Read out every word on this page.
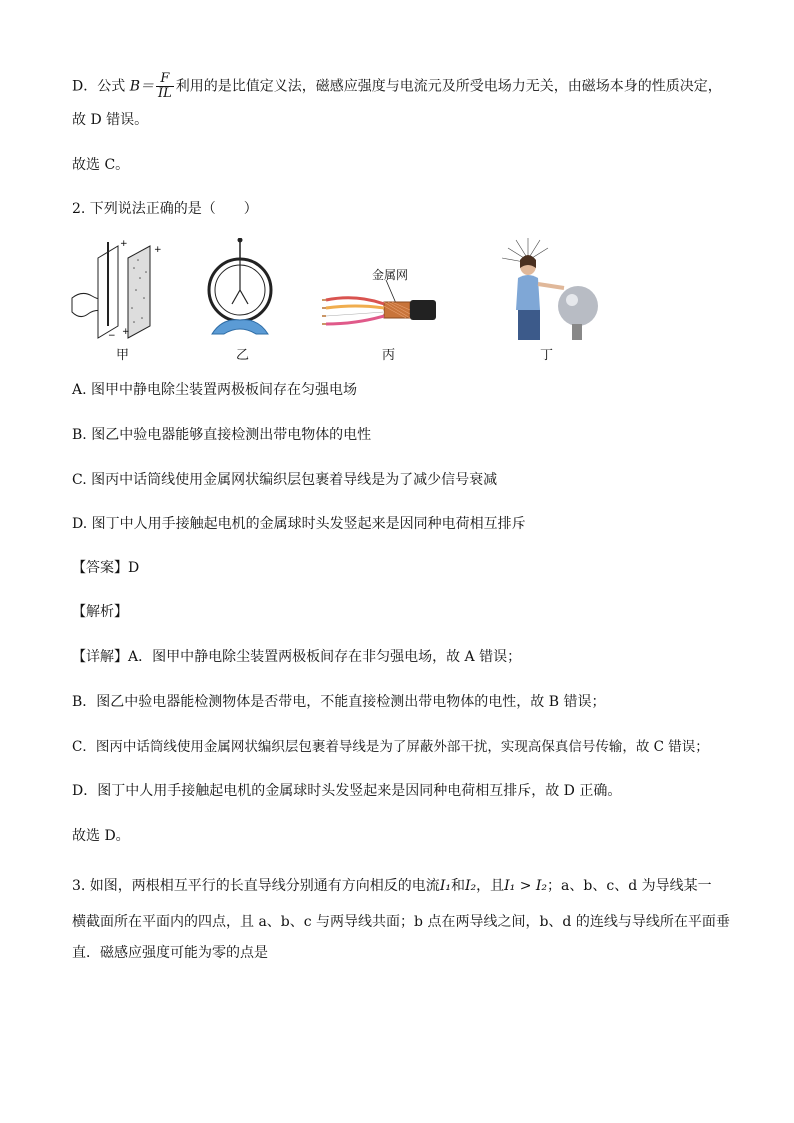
D．公式 $B= \frac{F}{IL}$ 利用的是比值定义法，磁感应强度与电流元及所受电场力无关，由磁场本身的性质决定，
故 D 错误。
故选 C。
2. 下列说法正确的是（　　）
+
+
+
−
甲	乙
金属网
丙	丁
A. 图甲中静电除尘装置两极板间存在匀强电场
B. 图乙中验电器能够直接检测出带电物体的电性
C. 图丙中话筒线使用金属网状编织层包裹着导线是为了减少信号衰减
D. 图丁中人用手接触起电机的金属球时头发竖起来是因同种电荷相互排斥
【答案】D
【解析】
【详解】A．图甲中静电除尘装置两极板间存在非匀强电场，故 A 错误；
B．图乙中验电器能检测物体是否带电，不能直接检测出带电物体的电性，故 B 错误；
C．图丙中话筒线使用金属网状编织层包裹着导线是为了屏蔽外部干扰，实现高保真信号传输，故 C 错误；
D．图丁中人用手接触起电机的金属球时头发竖起来是因同种电荷相互排斥，故 D 正确。
故选 D。
3. 如图，两根相互平行的长直导线分别通有方向相反的电流I₁和I₂，且I₁ > I₂；a、b、c、d 为导线某一
横截面所在平面内的四点，且 a、b、c 与两导线共面；b 点在两导线之间，b、d 的连线与导线所在平面垂
直．磁感应强度可能为零的点是
